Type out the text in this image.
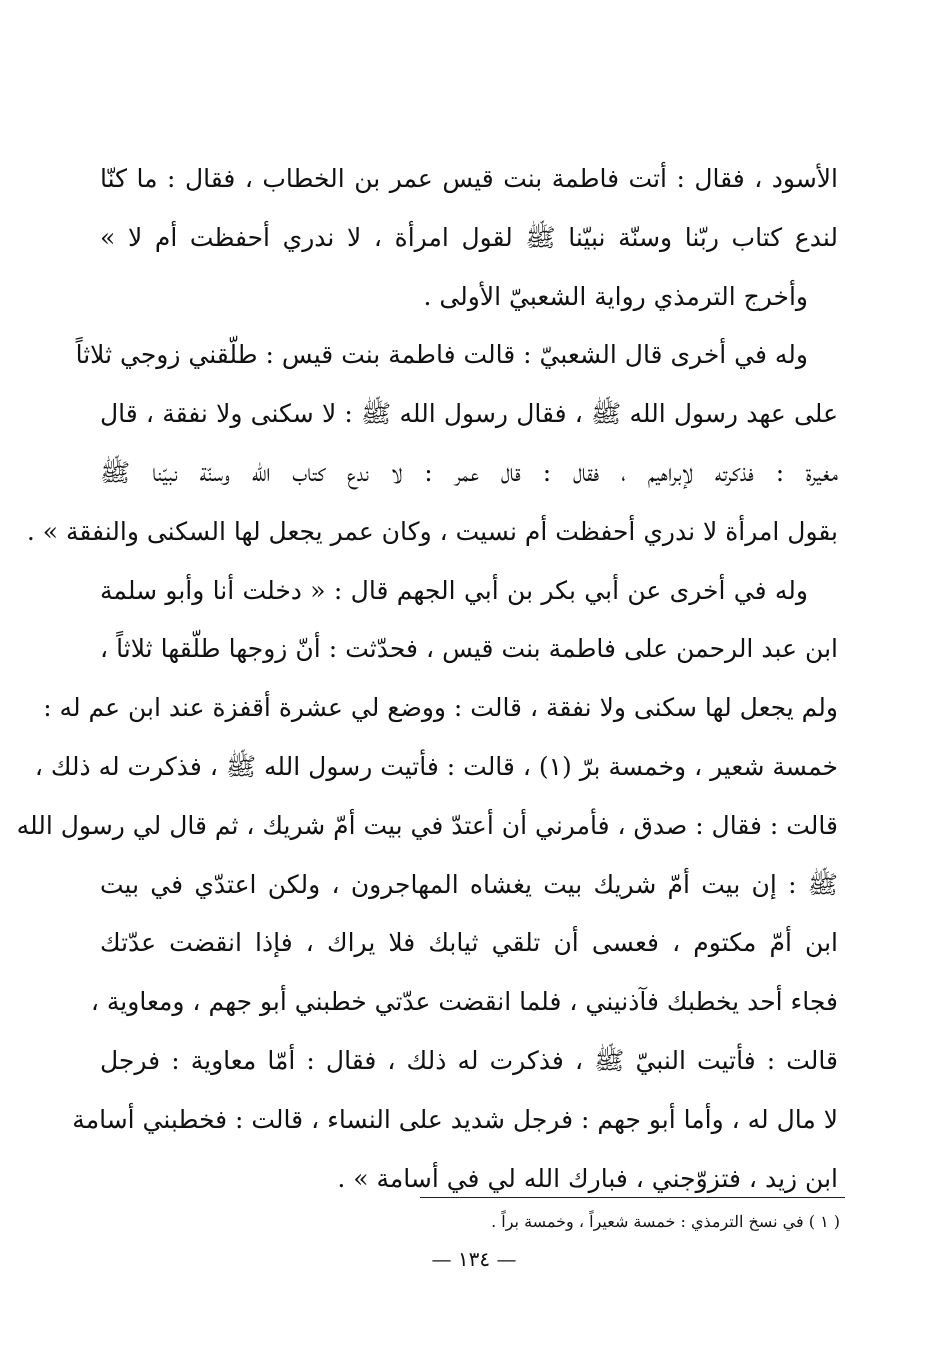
الأسود ، فقال : أتت فاطمة بنت قيس عمر بن الخطاب ، فقال : ما كنّا
لندع كتاب ربّنا وسنّة نبيّنا ﷺ لقول امرأة ، لا ندري أحفظت أم لا »
وأخرج الترمذي رواية الشعبيّ الأولى .
وله في أخرى قال الشعبيّ : قالت فاطمة بنت قيس : طلّقني زوجي ثلاثاً
على عهد رسول الله ﷺ ، فقال رسول الله ﷺ : لا سكنى ولا نفقة ، قال
مغيرة : فذكرته لإبراهيم ، فقال : قال عمر : لا ندع كتاب الله وسنّة نبيّنا ﷺ
بقول امرأة لا ندري أحفظت أم نسيت ، وكان عمر يجعل لها السكنى والنفقة » .
وله في أخرى عن أبي بكر بن أبي الجهم قال : « دخلت أنا وأبو سلمة
ابن عبد الرحمن على فاطمة بنت قيس ، فحدّثت : أنّ زوجها طلّقها ثلاثاً ،
ولم يجعل لها سكنى ولا نفقة ، قالت : ووضع لي عشرة أقفزة عند ابن عم له :
خمسة شعير ، وخمسة برّ (١) ، قالت : فأتيت رسول الله ﷺ ، فذكرت له ذلك ،
قالت : فقال : صدق ، فأمرني أن أعتدّ في بيت أمّ شريك ، ثم قال لي رسول الله
ﷺ : إن بيت أمّ شريك بيت يغشاه المهاجرون ، ولكن اعتدّي في بيت
ابن أمّ مكتوم ، فعسى أن تلقي ثيابك فلا يراك ، فإذا انقضت عدّتك
فجاء أحد يخطبك فآذنيني ، فلما انقضت عدّتي خطبني أبو جهم ، ومعاوية ،
قالت : فأتيت النبيّ ﷺ ، فذكرت له ذلك ، فقال : أمّا معاوية : فرجل
لا مال له ، وأما أبو جهم : فرجل شديد على النساء ، قالت : فخطبني أسامة
ابن زيد ، فتزوّجني ، فبارك الله لي في أسامة » .
( ١ ) في نسخ الترمذي : خمسة شعيراً ، وخمسة براً .
— ١٣٤ —
